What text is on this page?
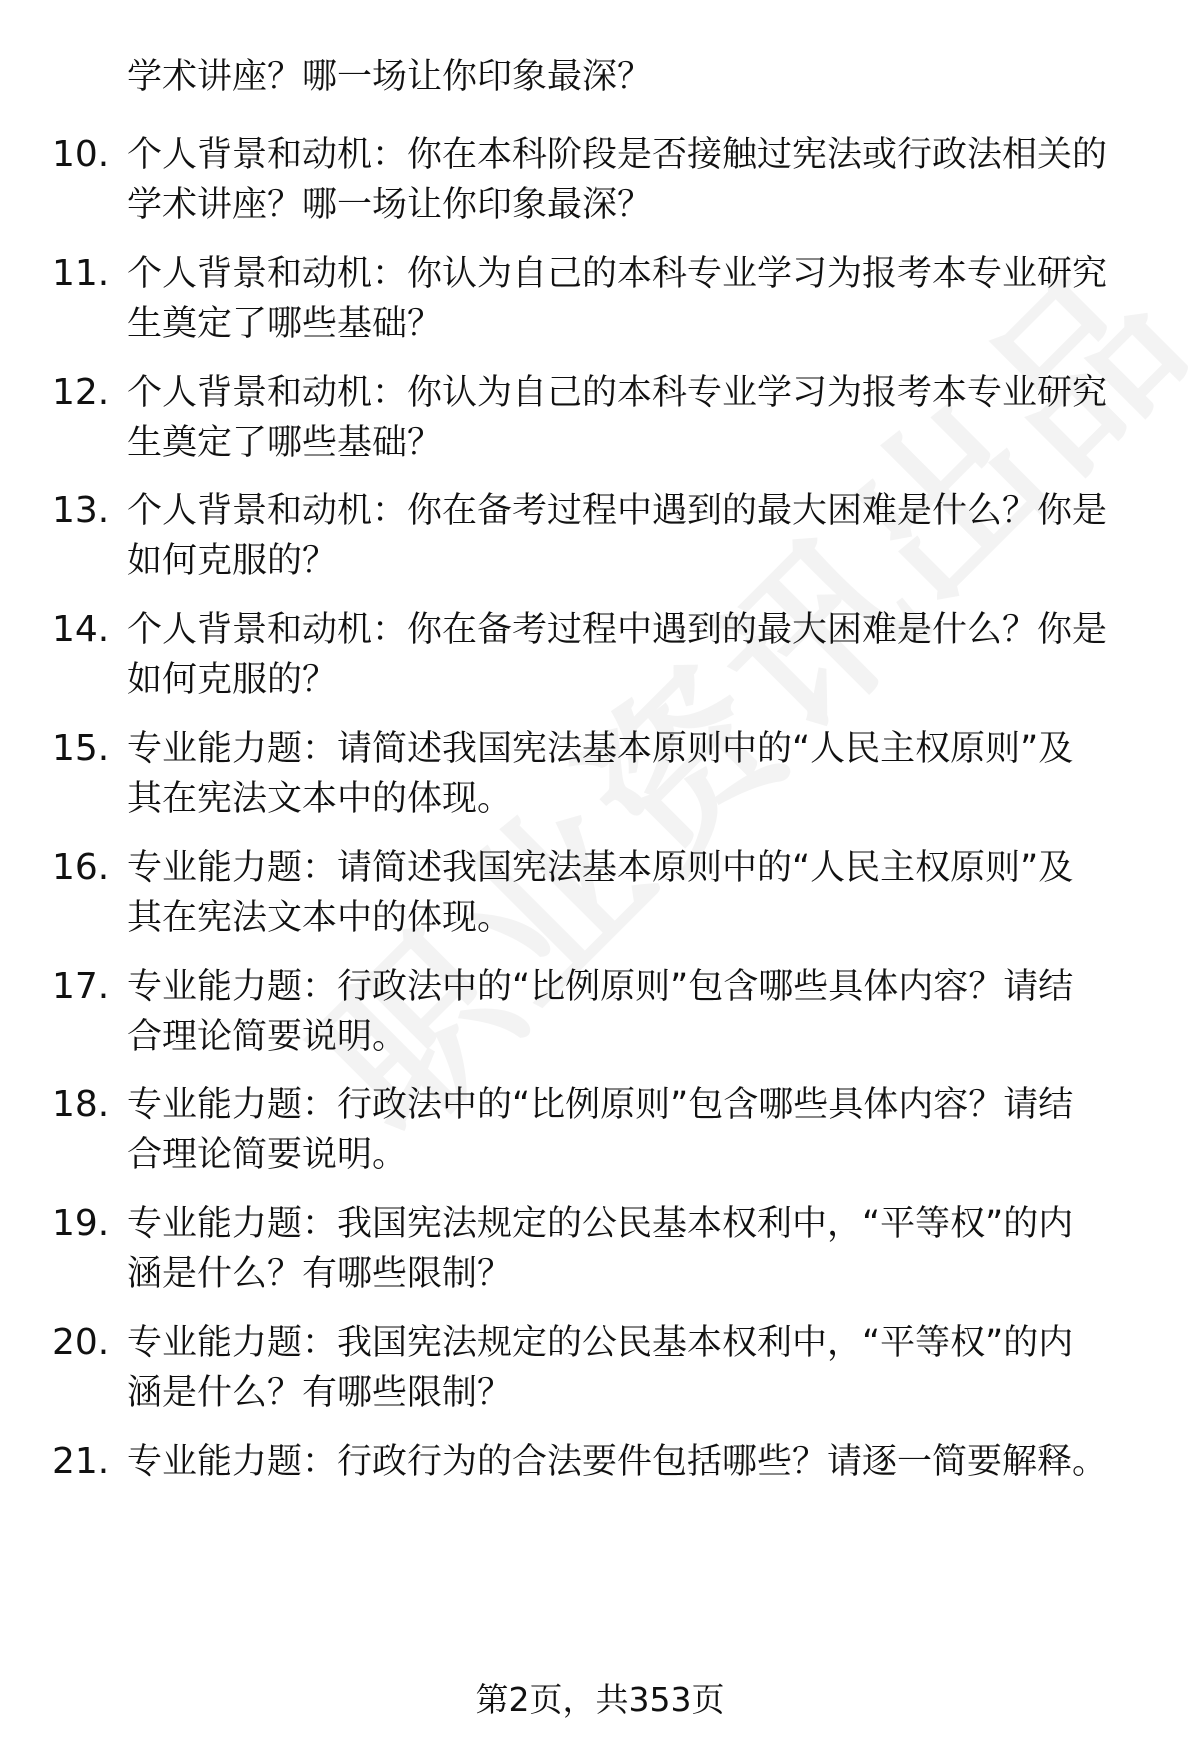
学术讲座？哪一场让你印象最深？
10. 个人背景和动机：你在本科阶段是否接触过宪法或行政法相关的
学术讲座？哪一场让你印象最深？
11. 个人背景和动机：你认为自己的本科专业学习为报考本专业研究
生奠定了哪些基础？
12. 个人背景和动机：你认为自己的本科专业学习为报考本专业研究
生奠定了哪些基础？
13. 个人背景和动机：你在备考过程中遇到的最大困难是什么？你是
如何克服的？
14. 个人背景和动机：你在备考过程中遇到的最大困难是什么？你是
如何克服的？
15. 专业能力题：请简述我国宪法基本原则中的“人民主权原则”及
其在宪法文本中的体现。
16. 专业能力题：请简述我国宪法基本原则中的“人民主权原则”及
其在宪法文本中的体现。
17. 专业能力题：行政法中的“比例原则”包含哪些具体内容？请结
合理论简要说明。
18. 专业能力题：行政法中的“比例原则”包含哪些具体内容？请结
合理论简要说明。
19. 专业能力题：我国宪法规定的公民基本权利中，“平等权”的内
涵是什么？有哪些限制？
20. 专业能力题：我国宪法规定的公民基本权利中，“平等权”的内
涵是什么？有哪些限制？
21. 专业能力题：行政行为的合法要件包括哪些？请逐一简要解释。
第2页，共353页
